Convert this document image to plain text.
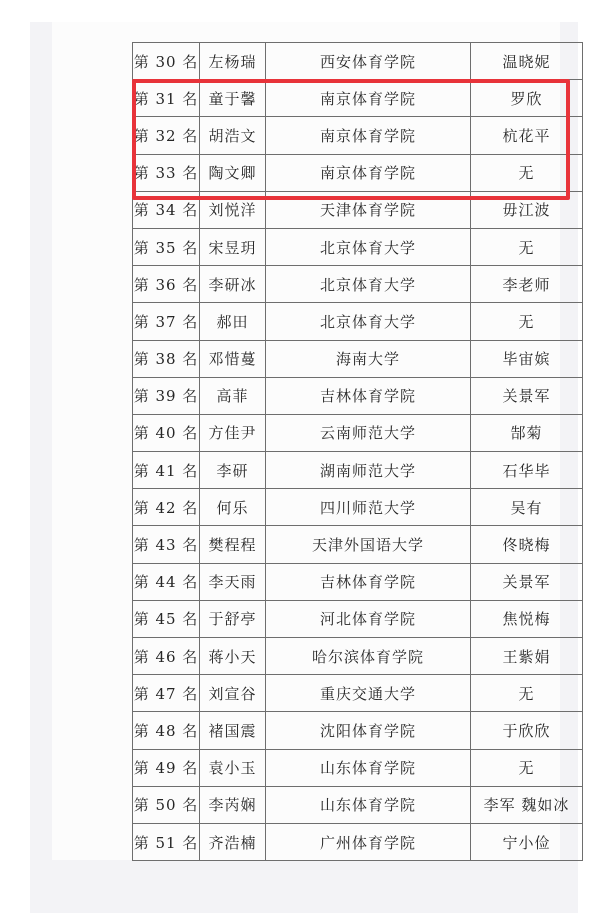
第 30 名	左杨瑞	西安体育学院	温晓妮
第 31 名	童于馨	南京体育学院	罗欣
第 32 名	胡浩文	南京体育学院	杭花平
第 33 名	陶文卿	南京体育学院	无
第 34 名	刘悦洋	天津体育学院	毋江波
第 35 名	宋昱玥	北京体育大学	无
第 36 名	李研冰	北京体育大学	李老师
第 37 名	郝田	北京体育大学	无
第 38 名	邓惜蔓	海南大学	毕宙嫔
第 39 名	高菲	吉林体育学院	关景军
第 40 名	方佳尹	云南师范大学	郜菊
第 41 名	李研	湖南师范大学	石华毕
第 42 名	何乐	四川师范大学	吴有
第 43 名	樊程程	天津外国语大学	佟晓梅
第 44 名	李天雨	吉林体育学院	关景军
第 45 名	于舒亭	河北体育学院	焦悦梅
第 46 名	蒋小天	哈尔滨体育学院	王紫娟
第 47 名	刘宣谷	重庆交通大学	无
第 48 名	褚国震	沈阳体育学院	于欣欣
第 49 名	袁小玉	山东体育学院	无
第 50 名	李芮娴	山东体育学院	李军 魏如冰
第 51 名	齐浩楠	广州体育学院	宁小俭
